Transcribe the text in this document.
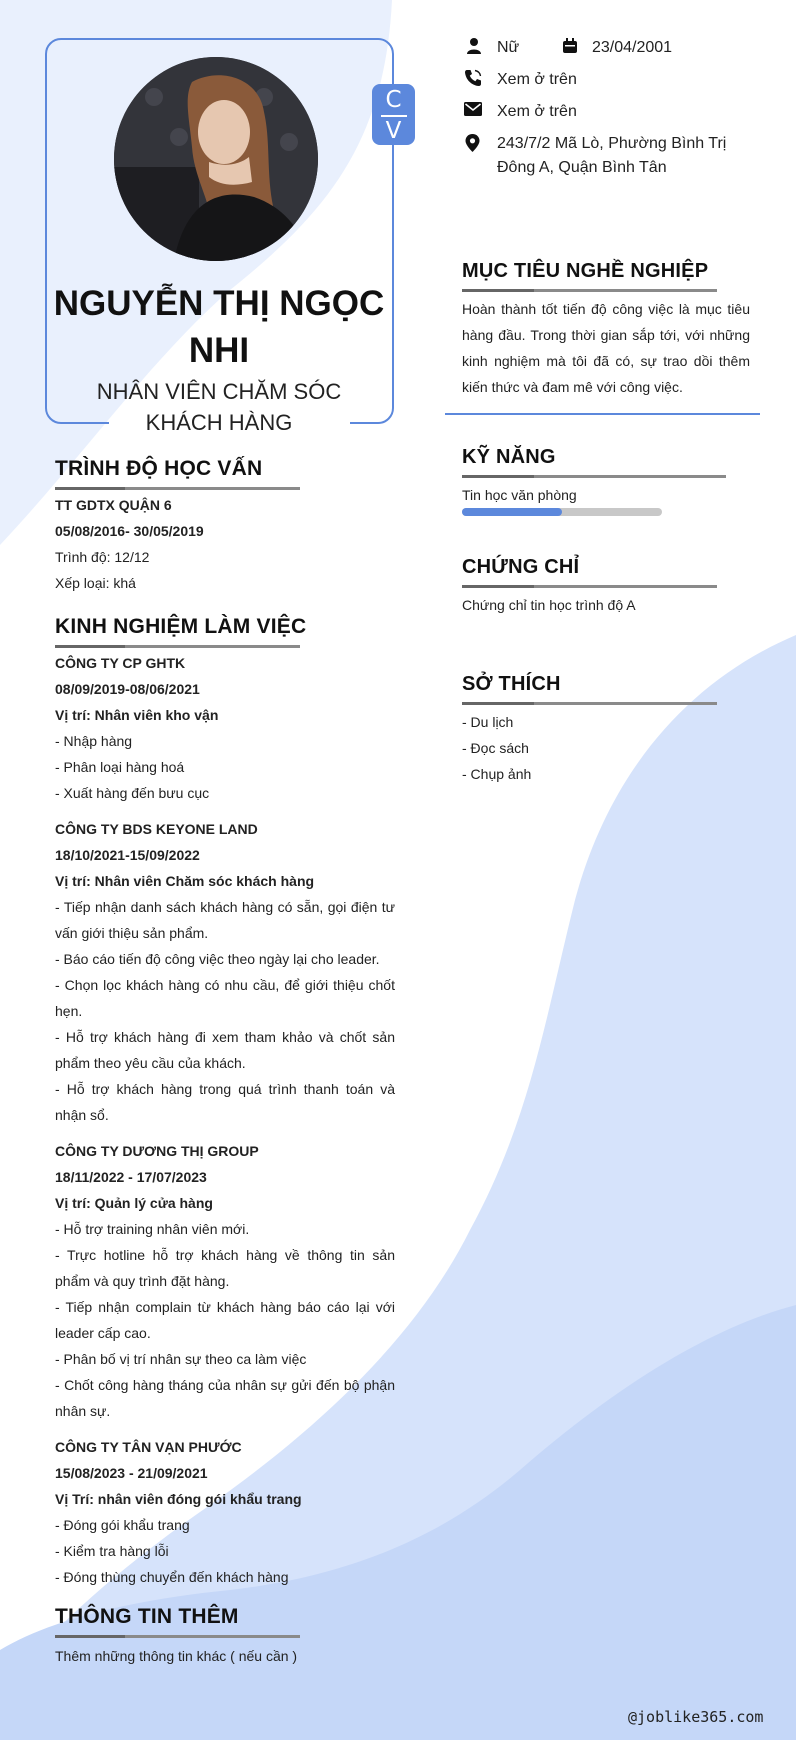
C
V
NGUYỄN THỊ NGỌC
NHI
NHÂN VIÊN CHĂM SÓC
KHÁCH HÀNG
Nữ	23/04/2001
Xem ở trên
Xem ở trên
243/7/2 Mã Lò, Phường Bình Trị
Đông A, Quận Bình Tân
TRÌNH ĐỘ HỌC VẤN
TT GDTX QUẬN 6
05/08/2016- 30/05/2019
Trình độ: 12/12
Xếp loại: khá
KINH NGHIỆM LÀM VIỆC
CÔNG TY CP GHTK
08/09/2019-08/06/2021
Vị trí: Nhân viên kho vận
- Nhập hàng
- Phân loại hàng hoá
- Xuất hàng đến bưu cục
CÔNG TY BDS KEYONE LAND
18/10/2021-15/09/2022
Vị trí: Nhân viên Chăm sóc khách hàng
- Tiếp nhận danh sách khách hàng có sẵn, gọi điện tư vấn giới thiệu sản phẩm.
- Báo cáo tiến độ công việc theo ngày lại cho leader.
- Chọn lọc khách hàng có nhu cầu, để giới thiệu chốt hẹn.
- Hỗ trợ khách hàng đi xem tham khảo và chốt sản phẩm theo yêu cầu của khách.
- Hỗ trợ khách hàng trong quá trình thanh toán và nhận sổ.
CÔNG TY DƯƠNG THỊ GROUP
18/11/2022 - 17/07/2023
Vị trí: Quản lý cửa hàng
- Hỗ trợ training nhân viên mới.
- Trực hotline hỗ trợ khách hàng về thông tin sản phẩm và quy trình đặt hàng.
- Tiếp nhận complain từ khách hàng báo cáo lại với leader cấp cao.
- Phân bố vị trí nhân sự theo ca làm việc
- Chốt công hàng tháng của nhân sự gửi đến bộ phận nhân sự.
CÔNG TY TÂN VẠN PHƯỚC
15/08/2023 - 21/09/2021
Vị Trí: nhân viên đóng gói khẩu trang
- Đóng gói khẩu trang
- Kiểm tra hàng lỗi
- Đóng thùng chuyển đến khách hàng
THÔNG TIN THÊM
Thêm những thông tin khác ( nếu cần )
MỤC TIÊU NGHỀ NGHIỆP
Hoàn thành tốt tiến độ công việc là mục tiêu hàng đầu. Trong thời gian sắp tới, với những kinh nghiệm mà tôi đã có, sự trao dồi thêm kiến thức và đam mê với công việc.
KỸ NĂNG
Tin học văn phòng
CHỨNG CHỈ
Chứng chỉ tin học trình độ A
SỞ THÍCH
- Du lịch
- Đọc sách
- Chụp ảnh
@joblike365.com
